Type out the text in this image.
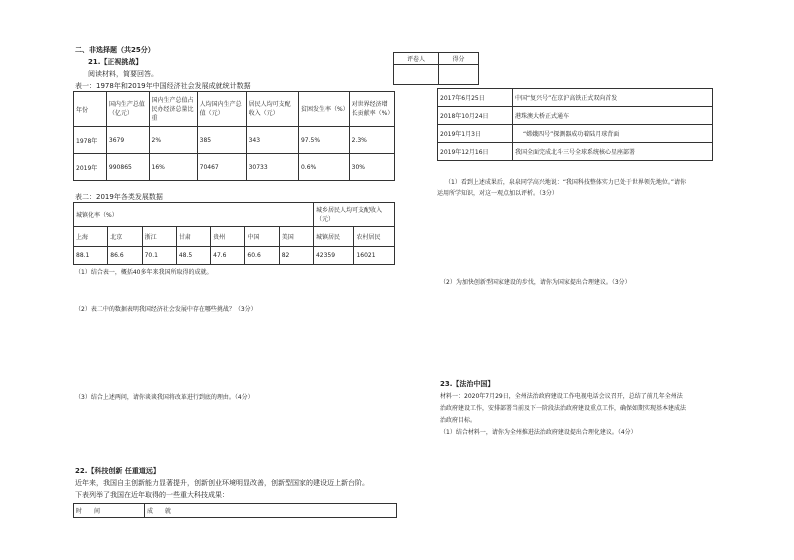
二、非选择题（共25分）
21.【正视挑战】
阅读材料，简要回答。
表一：1978年和2019年中国经济社会发展成就统计数据
年份	国内生产总值（亿元）	国内生产总值占民办经济总量比重	人均国内生产总值（元）	居民人均可支配收入（元）	贫困发生率（%）	对世界经济增长贡献率（%）
1978年	3679	2%	385	343	97.5%	2.3%
2019年	990865	16%	70467	30733	0.6%	30%
表二：2019年各类发展数据
城镇化率（%）							城乡居民人均可支配收入（元）	
上海	北京	浙江	甘肃	贵州	中国	美国	城镇居民	农村居民
88.1	86.6	70.1	48.5	47.6	60.6	82	42359	16021
（1）结合表一，概括40多年来我国所取得的成就。
（2）表二中的数据表明我国经济社会发展中存在哪些挑战？（3分）
（3）结合上述两问，请你谈谈我国将改革进行到底的理由。（4分）
22.【科技创新 任重道远】
近年来，我国自主创新能力显著提升，创新创业环境明显改善，创新型国家的建设迈上新台阶。
下表列举了我国在近年取得的一些重大科技成果：
时　　间	成　　就
评卷人	得分

2017年6月25日	中国“复兴号”在京沪高铁正式双向首发
2018年10月24日	港珠澳大桥正式通车
2019年1月3日	“嫦娥四号”探测器成功着陆月球背面
2019年12月16日	我国全面完成北斗三号全球系统核心星座部署
（1）看到上述成果后，泉泉同学高兴地说：“我国科技整体实力已处于世界领先地位。”请你
运用所学知识，对这一观点加以评析。（3分）
（2）为加快创新型国家建设的步伐，请你为国家提出合理建议。（3分）
23.【法治中国】
材料一：2020年7月29日，全州法治政府建设工作电视电话会议召开，总结了前几年全州法
治政府建设工作，安排部署当前及下一阶段法治政府建设重点工作，确保如期实现基本建成法
治政府目标。
（1）结合材料一，请你为全州推进法治政府建设提出合理化建议。（4分）
